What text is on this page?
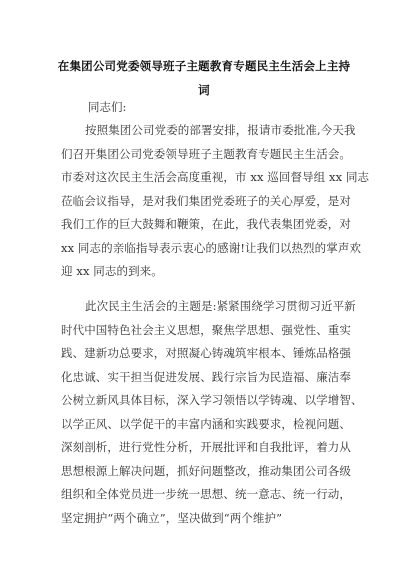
在集团公司党委领导班子主题教育专题民主生活会上主持
词
同志们:
按照集团公司党委的部署安排，报请市委批准,今天我
们召开集团公司党委领导班子主题教育专题民主生活会。
市委对这次民主生活会高度重视，市 xx 巡回督导组 xx 同志
莅临会议指导，是对我们集团党委班子的关心厚爱，是对
我们工作的巨大鼓舞和鞭策，在此，我代表集团党委，对
xx 同志的亲临指导表示衷心的感谢!让我们以热烈的掌声欢
迎 xx 同志的到来。
此次民主生活会的主题是:紧紧围绕学习贯彻习近平新
时代中国特色社会主义思想，聚焦学思想、强党性、重实
践、建新功总要求，对照凝心铸魂筑牢根本、锤炼品格强
化忠诚、实干担当促进发展、践行宗旨为民造福、廉洁奉
公树立新风具体目标，深入学习领悟以学铸魂、以学增智、
以学正风、以学促干的丰富内涵和实践要求，检视问题、
深刻剖析，进行党性分析，开展批评和自我批评，着力从
思想根源上解决问题，抓好问题整改，推动集团公司各级
组织和全体党员进一步统一思想、统一意志、统一行动，
坚定拥护“两个确立”，坚决做到“两个维护”
